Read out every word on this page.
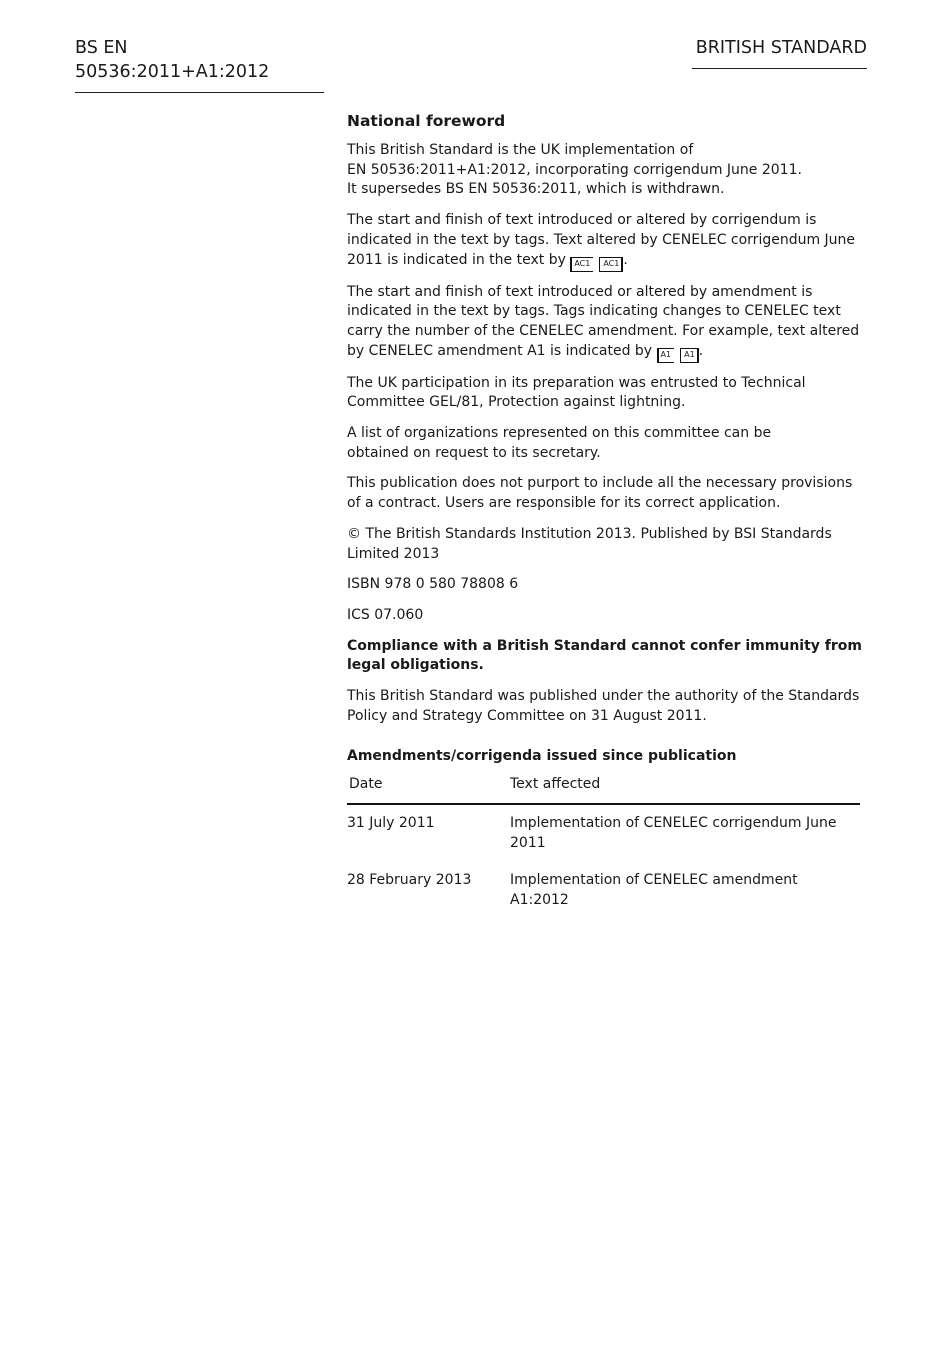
BS EN 50536:2011+A1:2012
BRITISH STANDARD
National foreword

This British Standard is the UK implementation of
EN 50536:2011+A1:2012, incorporating corrigendum June 2011.
It supersedes BS EN 50536:2011, which is withdrawn.

The start and finish of text introduced or altered by corrigendum is indicated in the text by tags. Text altered by CENELEC corrigendum June 2011 is indicated in the text by AC1 AC1 .

The start and finish of text introduced or altered by amendment is indicated in the text by tags. Tags indicating changes to CENELEC text carry the number of the CENELEC amendment. For example, text altered by CENELEC amendment A1 is indicated by A1 A1 .

The UK participation in its preparation was entrusted to Technical Committee GEL/81, Protection against lightning.

A list of organizations represented on this committee can be
obtained on request to its secretary.

This publication does not purport to include all the necessary provisions of a contract. Users are responsible for its correct application.

© The British Standards Institution 2013. Published by BSI Standards Limited 2013

ISBN 978 0 580 78808 6

ICS 07.060

Compliance with a British Standard cannot confer immunity from legal obligations.

This British Standard was published under the authority of the Standards Policy and Strategy Committee on 31 August 2011.

Amendments/corrigenda issued since publication
Date	Text affected
31 July 2011	Implementation of CENELEC corrigendum June 2011
28 February 2013	Implementation of CENELEC amendment A1:2012
